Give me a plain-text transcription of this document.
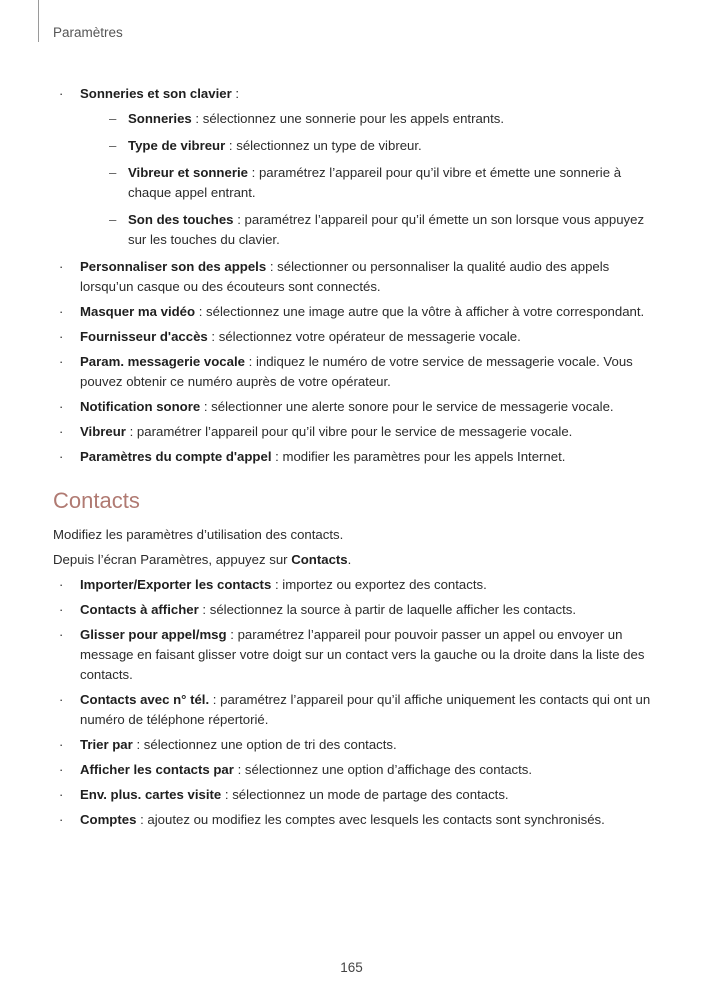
Paramètres
· Sonneries et son clavier :
– Sonneries : sélectionnez une sonnerie pour les appels entrants.
– Type de vibreur : sélectionnez un type de vibreur.
– Vibreur et sonnerie : paramétrez l’appareil pour qu’il vibre et émette une sonnerie à chaque appel entrant.
– Son des touches : paramétrez l’appareil pour qu’il émette un son lorsque vous appuyez sur les touches du clavier.
· Personnaliser son des appels : sélectionner ou personnaliser la qualité audio des appels lorsqu’un casque ou des écouteurs sont connectés.
· Masquer ma vidéo : sélectionnez une image autre que la vôtre à afficher à votre correspondant.
· Fournisseur d'accès : sélectionnez votre opérateur de messagerie vocale.
· Param. messagerie vocale : indiquez le numéro de votre service de messagerie vocale. Vous pouvez obtenir ce numéro auprès de votre opérateur.
· Notification sonore : sélectionner une alerte sonore pour le service de messagerie vocale.
· Vibreur : paramétrer l’appareil pour qu’il vibre pour le service de messagerie vocale.
· Paramètres du compte d'appel : modifier les paramètres pour les appels Internet.
Contacts

Modifiez les paramètres d’utilisation des contacts.

Depuis l’écran Paramètres, appuyez sur Contacts.

· Importer/Exporter les contacts : importez ou exportez des contacts.
· Contacts à afficher : sélectionnez la source à partir de laquelle afficher les contacts.
· Glisser pour appel/msg : paramétrez l’appareil pour pouvoir passer un appel ou envoyer un message en faisant glisser votre doigt sur un contact vers la gauche ou la droite dans la liste des contacts.
· Contacts avec n° tél. : paramétrez l’appareil pour qu’il affiche uniquement les contacts qui ont un numéro de téléphone répertorié.
· Trier par : sélectionnez une option de tri des contacts.
· Afficher les contacts par : sélectionnez une option d’affichage des contacts.
· Env. plus. cartes visite : sélectionnez un mode de partage des contacts.
· Comptes : ajoutez ou modifiez les comptes avec lesquels les contacts sont synchronisés.
165
